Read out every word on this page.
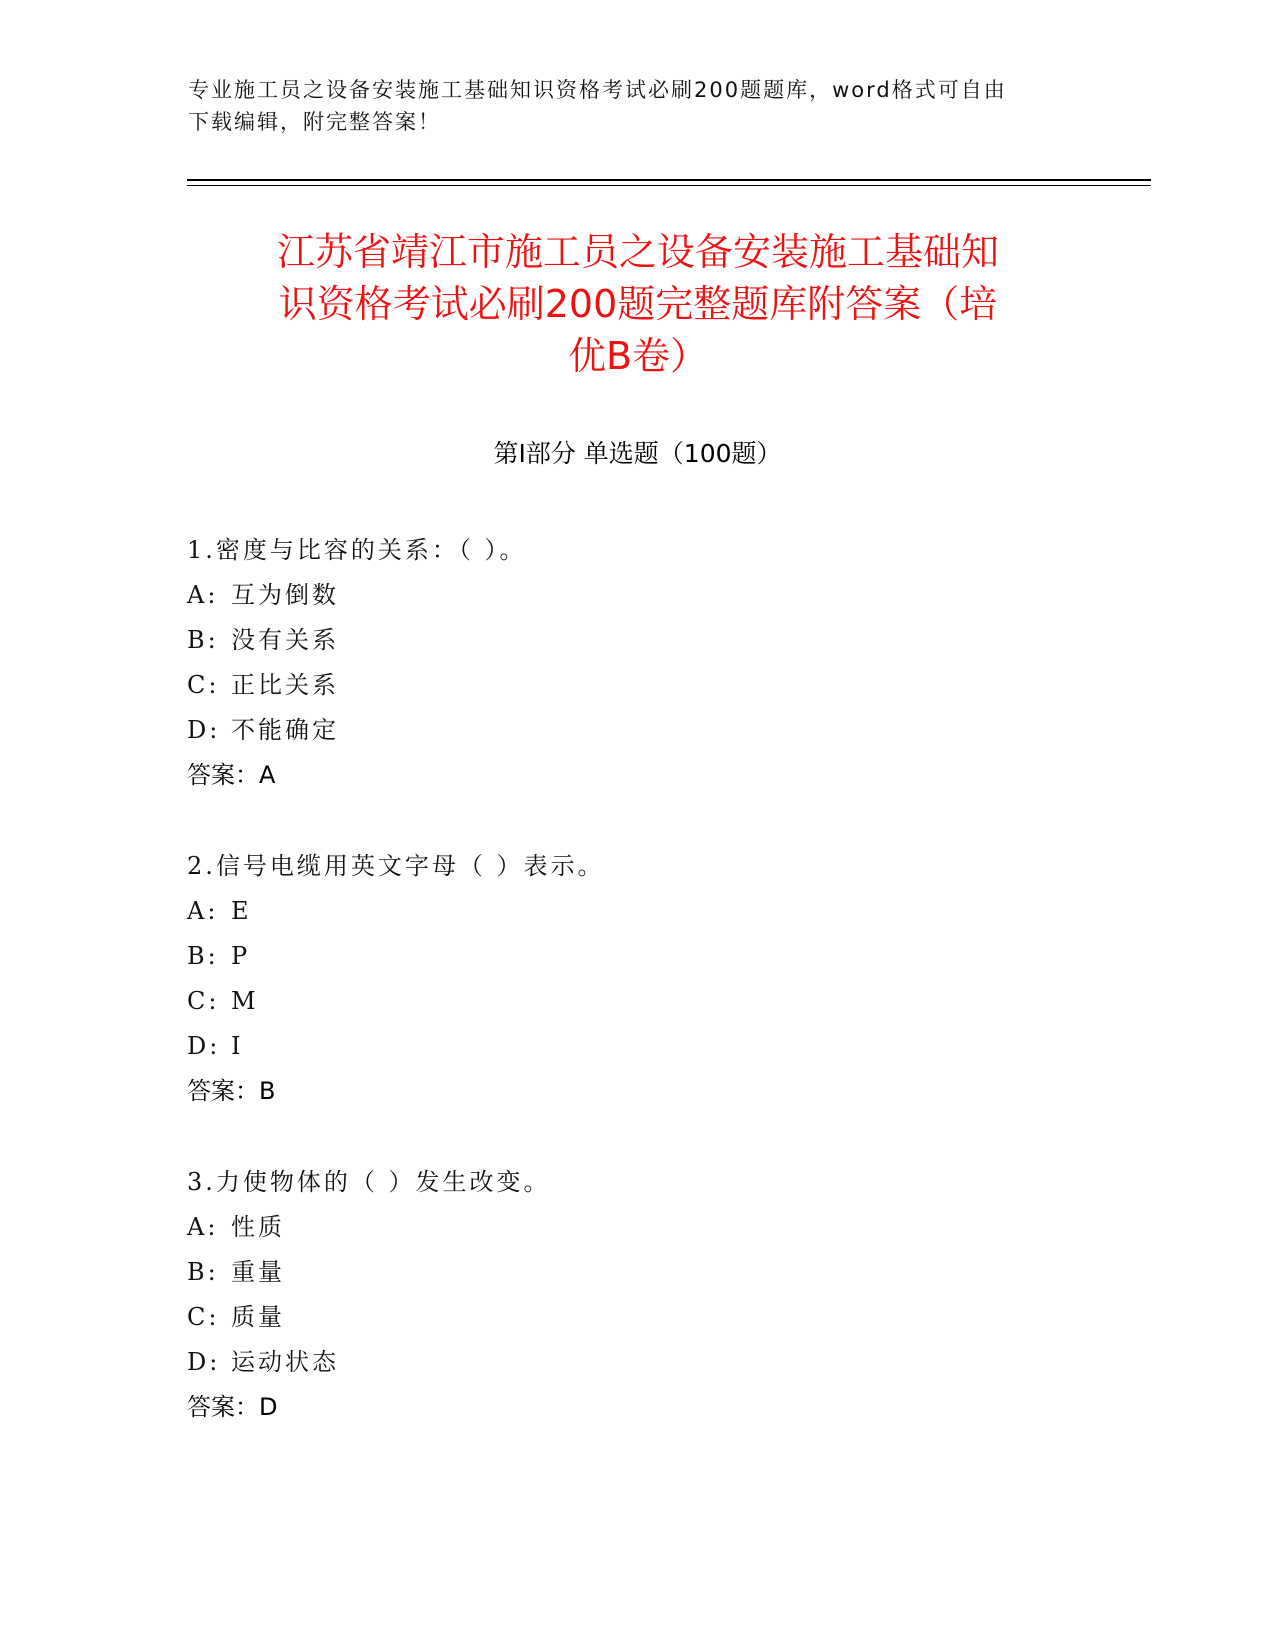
专业施工员之设备安装施工基础知识资格考试必刷200题题库，word格式可自由
下载编辑，附完整答案！
江苏省靖江市施工员之设备安装施工基础知
识资格考试必刷200题完整题库附答案（培
优B卷）
第Ⅰ部分 单选题（100题）
1.密度与比容的关系：（ ）。
A: 互为倒数
B: 没有关系
C: 正比关系
D: 不能确定
答案：A
2.信号电缆用英文字母（ ）表示。
A: E
B: P
C: M
D: I
答案：B
3.力使物体的（ ）发生改变。
A: 性质
B: 重量
C: 质量
D: 运动状态
答案：D
